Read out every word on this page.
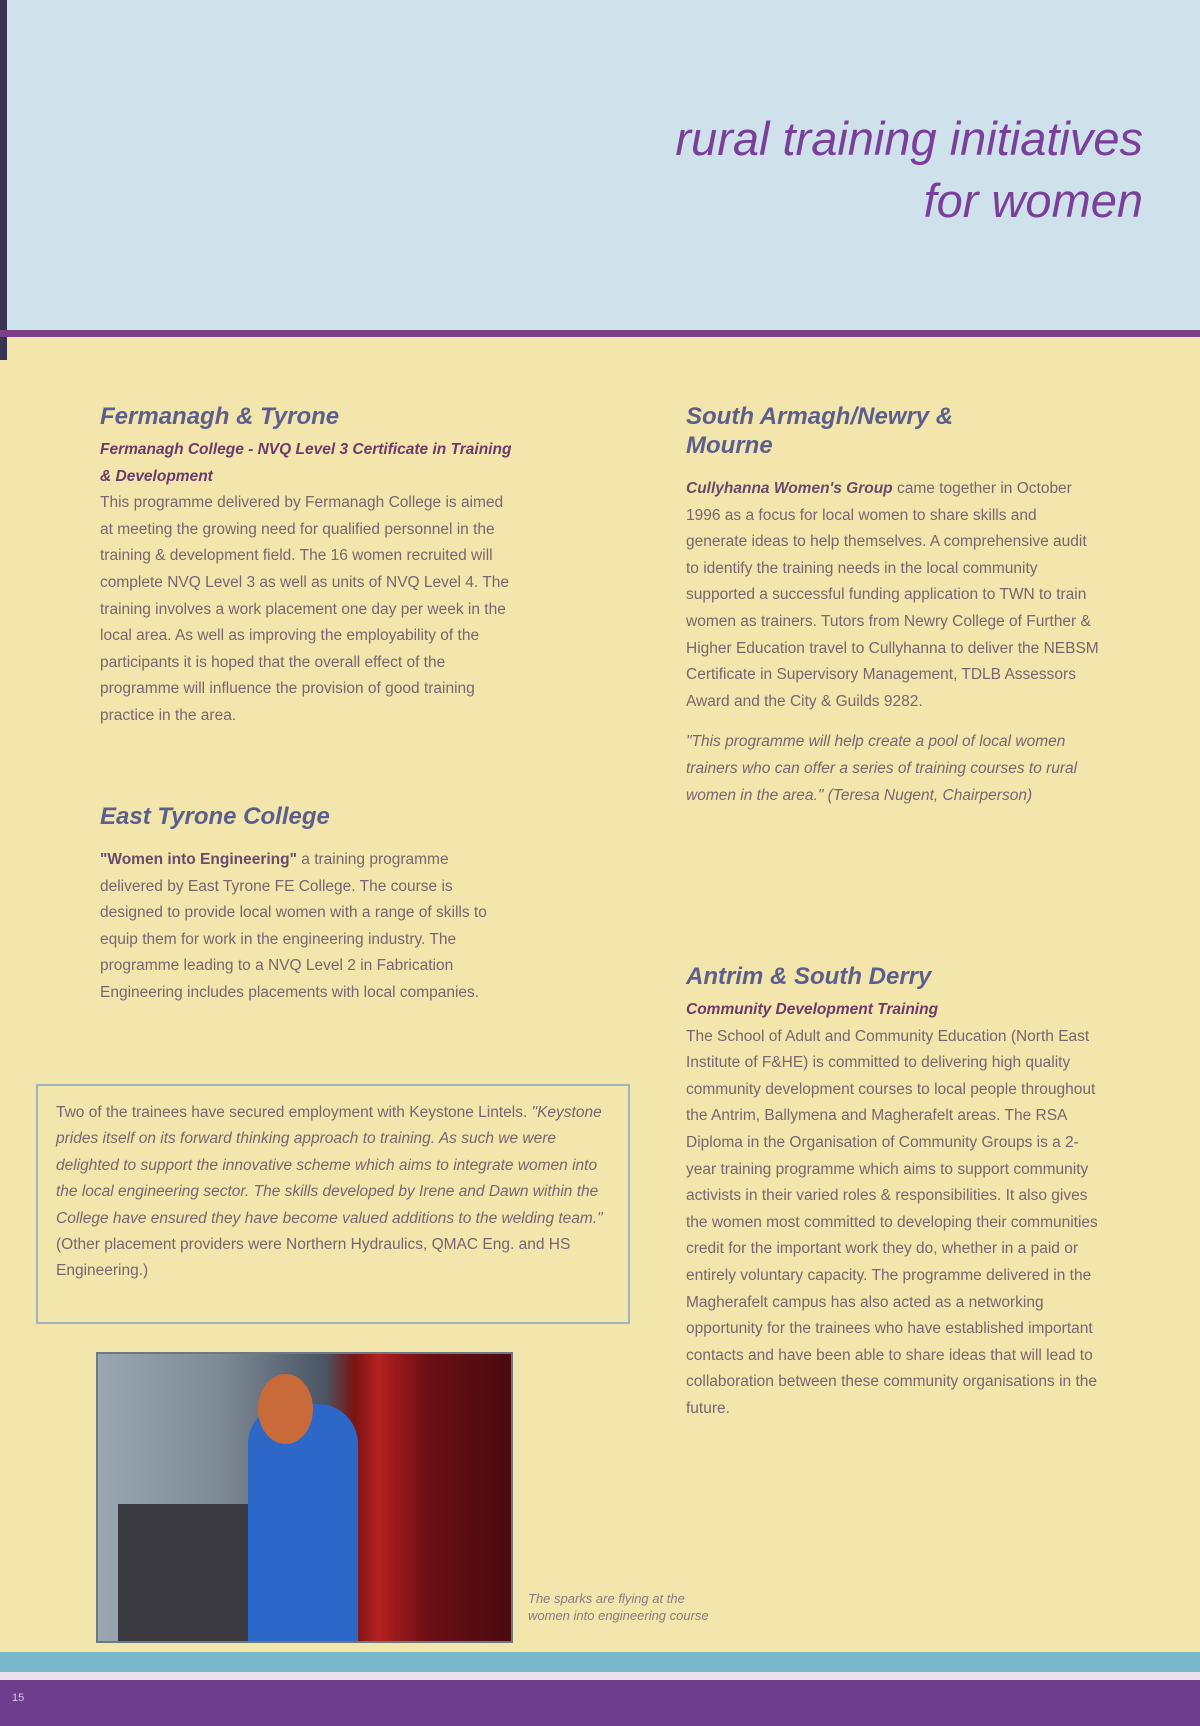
rural training initiatives
for women
Fermanagh & Tyrone
Fermanagh College - NVQ Level 3 Certificate in Training & Development

This programme delivered by Fermanagh College is aimed at meeting the growing need for qualified personnel in the training & development field. The 16 women recruited will complete NVQ Level 3 as well as units of NVQ Level 4. The training involves a work placement one day per week in the local area. As well as improving the employability of the participants it is hoped that the overall effect of the programme will influence the provision of good training practice in the area.

East Tyrone College

"Women into Engineering" a training programme delivered by East Tyrone FE College. The course is designed to provide local women with a range of skills to equip them for work in the engineering industry. The programme leading to a NVQ Level 2 in Fabrication Engineering includes placements with local companies.

Two of the trainees have secured employment with Keystone Lintels. "Keystone prides itself on its forward thinking approach to training. As such we were delighted to support the innovative scheme which aims to integrate women into the local engineering sector. The skills developed by Irene and Dawn within the College have ensured they have become valued additions to the welding team." (Other placement providers were Northern Hydraulics, QMAC Eng. and HS Engineering.)
The sparks are flying at the
women into engineering course
South Armagh/Newry & Mourne

Cullyhanna Women's Group came together in October 1996 as a focus for local women to share skills and generate ideas to help themselves. A comprehensive audit to identify the training needs in the local community supported a successful funding application to TWN to train women as trainers. Tutors from Newry College of Further & Higher Education travel to Cullyhanna to deliver the NEBSM Certificate in Supervisory Management, TDLB Assessors Award and the City & Guilds 9282.

"This programme will help create a pool of local women trainers who can offer a series of training courses to rural women in the area." (Teresa Nugent, Chairperson)

Antrim & South Derry
Community Development Training

The School of Adult and Community Education (North East Institute of F&HE) is committed to delivering high quality community development courses to local people throughout the Antrim, Ballymena and Magherafelt areas. The RSA Diploma in the Organisation of Community Groups is a 2-year training programme which aims to support community activists in their varied roles & responsibilities. It also gives the women most committed to developing their communities credit for the important work they do, whether in a paid or entirely voluntary capacity. The programme delivered in the Magherafelt campus has also acted as a networking opportunity for the trainees who have established important contacts and have been able to share ideas that will lead to collaboration between these community organisations in the future.

15
